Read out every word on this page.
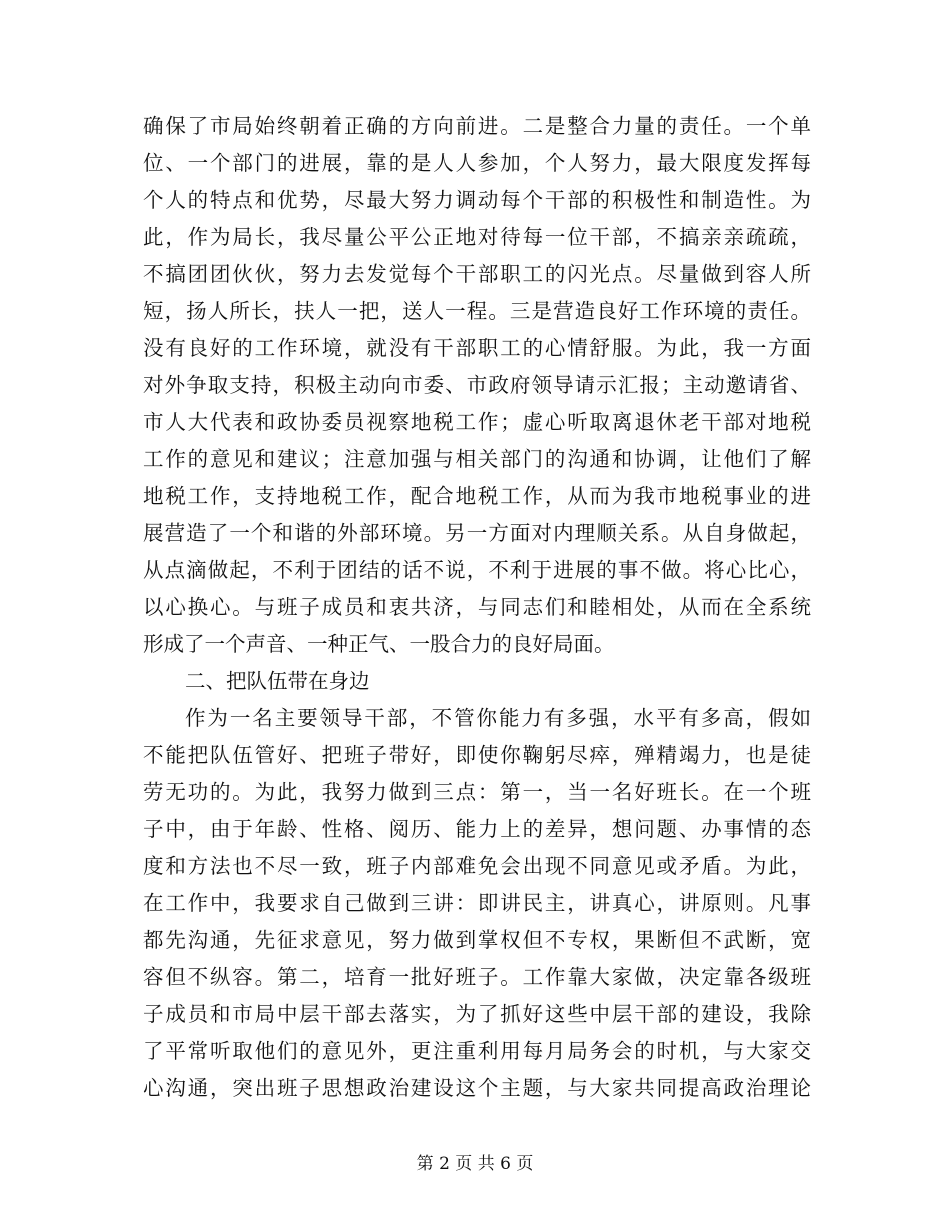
确保了市局始终朝着正确的方向前进。二是整合力量的责任。一个单
位、一个部门的进展，靠的是人人参加，个人努力，最大限度发挥每
个人的特点和优势，尽最大努力调动每个干部的积极性和制造性。为
此，作为局长，我尽量公平公正地对待每一位干部，不搞亲亲疏疏，
不搞团团伙伙，努力去发觉每个干部职工的闪光点。尽量做到容人所
短，扬人所长，扶人一把，送人一程。三是营造良好工作环境的责任。
没有良好的工作环境，就没有干部职工的心情舒服。为此，我一方面
对外争取支持，积极主动向市委、市政府领导请示汇报；主动邀请省、
市人大代表和政协委员视察地税工作；虚心听取离退休老干部对地税
工作的意见和建议；注意加强与相关部门的沟通和协调，让他们了解
地税工作，支持地税工作，配合地税工作，从而为我市地税事业的进
展营造了一个和谐的外部环境。另一方面对内理顺关系。从自身做起，
从点滴做起，不利于团结的话不说，不利于进展的事不做。将心比心，
以心换心。与班子成员和衷共济，与同志们和睦相处，从而在全系统
形成了一个声音、一种正气、一股合力的良好局面。
二、把队伍带在身边
作为一名主要领导干部，不管你能力有多强，水平有多高，假如
不能把队伍管好、把班子带好，即使你鞠躬尽瘁，殚精竭力，也是徒
劳无功的。为此，我努力做到三点：第一，当一名好班长。在一个班
子中，由于年龄、性格、阅历、能力上的差异，想问题、办事情的态
度和方法也不尽一致，班子内部难免会出现不同意见或矛盾。为此，
在工作中，我要求自己做到三讲：即讲民主，讲真心，讲原则。凡事
都先沟通，先征求意见，努力做到掌权但不专权，果断但不武断，宽
容但不纵容。第二，培育一批好班子。工作靠大家做，决定靠各级班
子成员和市局中层干部去落实，为了抓好这些中层干部的建设，我除
了平常听取他们的意见外，更注重利用每月局务会的时机，与大家交
心沟通，突出班子思想政治建设这个主题，与大家共同提高政治理论
第 2 页 共 6 页
